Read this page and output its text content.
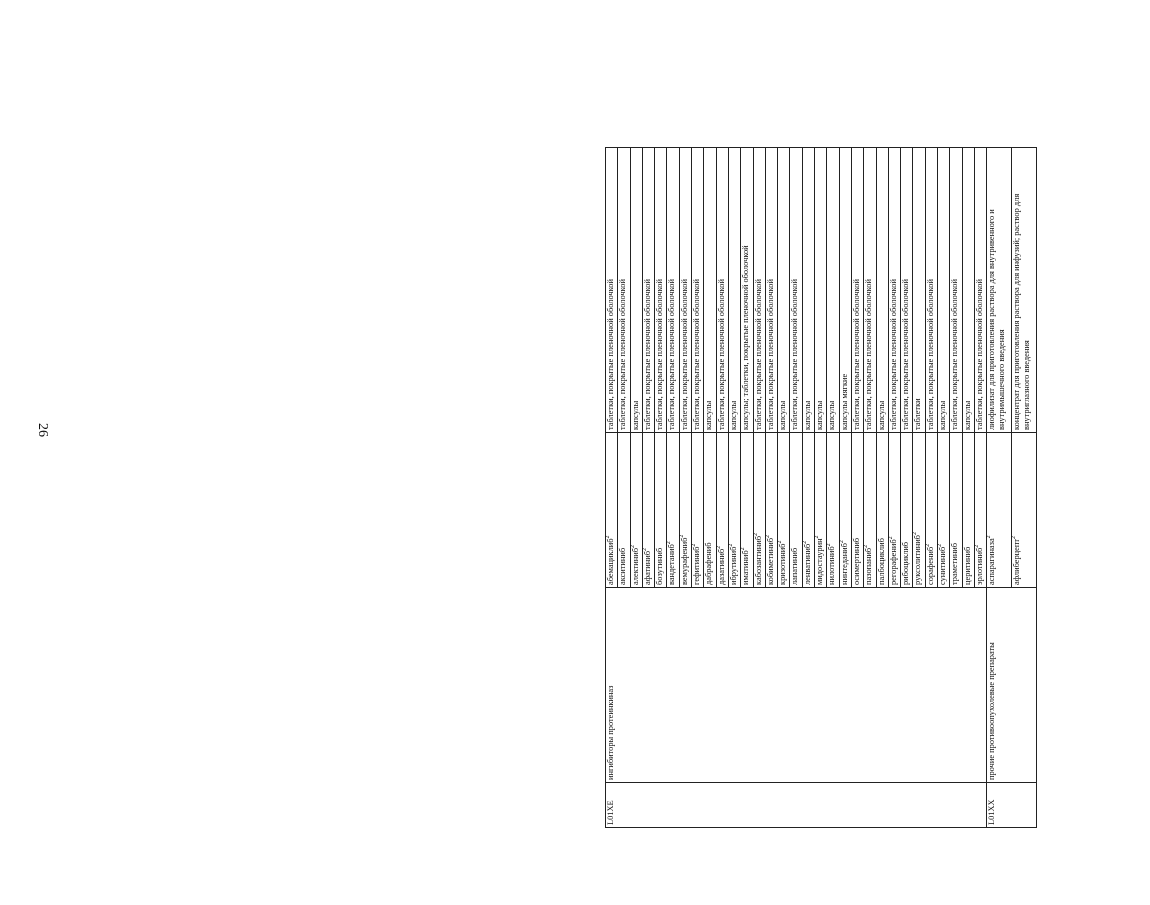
26
L01XE	ингибиторы протеинкиназ	абемациклиб$^2$	таблетки, покрытые пленочной оболочкой
		акситиниб	таблетки, покрытые пленочной оболочкой
		алектиниб$^2$	капсулы
		афатиниб$^2$	таблетки, покрытые пленочной оболочкой
		бозутиниб	таблетки, покрытые пленочной оболочкой
		вандетаниб$^2$	таблетки, покрытые пленочной оболочкой
		вемурафениб$^2$	таблетки, покрытые пленочной оболочкой
		гефитиниб$^2$	таблетки, покрытые пленочной оболочкой
		дабрафениб	капсулы
		дазатиниб$^2$	таблетки, покрытые пленочной оболочкой
		ибрутиниб$^2$	капсулы
		иматиниб$^2$	капсулы; таблетки, покрытые пленочной оболочкой
		кабозантиниб$^2$	таблетки, покрытые пленочной оболочкой
		кобиметиниб$^2$	таблетки, покрытые пленочной оболочкой
		кризотиниб$^2$	капсулы
		лапатиниб	таблетки, покрытые пленочной оболочкой
		ленватиниб$^2$	капсулы
		мидостаурин$^2$	капсулы
		нилотиниб$^2$	капсулы
		нинтеданиб$^2$	капсулы мягкие
		осимертиниб	таблетки, покрытые пленочной оболочкой
		пазопаниб$^2$	таблетки, покрытые пленочной оболочкой
		палбоциклиб	капсулы
		регорафениб$^2$	таблетки, покрытые пленочной оболочкой
		рибоциклиб	таблетки, покрытые пленочной оболочкой
		руксолитиниб$^2$	таблетки
		сорафениб$^2$	таблетки, покрытые пленочной оболочкой
		сунитиниб$^2$	капсулы
		траметиниб	таблетки, покрытые пленочной оболочкой
		церитиниб	капсулы
		эрлотиниб$^2$	таблетки, покрытые пленочной оболочкой
L01XX	прочие противоопухолевые препараты	аспарагиназа$^2$	лиофилизат для приготовления раствора для внутривенного и внутримышечного введения
		афлиберцепт$^2$	концентрат для приготовления раствора для инфузий; раствор для внутриглазного введения
